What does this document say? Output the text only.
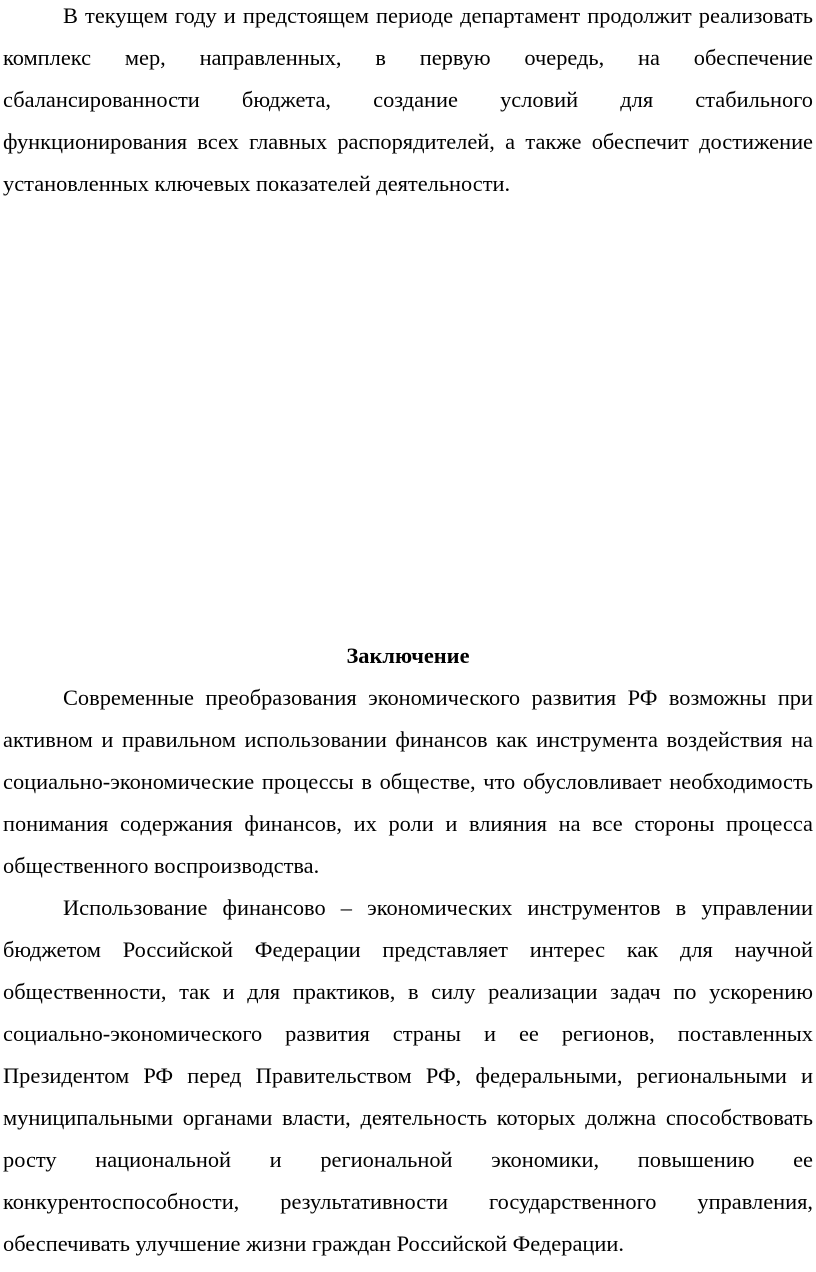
В текущем году и предстоящем периоде департамент продолжит реализовать комплекс мер, направленных, в первую очередь, на обеспечение сбалансированности бюджета, создание условий для стабильного функционирования всех главных распорядителей, а также обеспечит достижение установленных ключевых показателей деятельности.

Заключение

Современные преобразования экономического развития РФ возможны при активном и правильном использовании финансов как инструмента воздействия на социально-экономические процессы в обществе, что обусловливает необходимость понимания содержания финансов, их роли и влияния на все стороны процесса общественного воспроизводства.

Использование финансово – экономических инструментов в управлении бюджетом Российской Федерации представляет интерес как для научной общественности, так и для практиков, в силу реализации задач по ускорению социально-экономического развития страны и ее регионов, поставленных Президентом РФ перед Правительством РФ, федеральными, региональными и муниципальными органами власти, деятельность которых должна способствовать росту национальной и региональной экономики, повышению ее конкурентоспособности, результативности государственного управления, обеспечивать улучшение жизни граждан Российской Федерации.
